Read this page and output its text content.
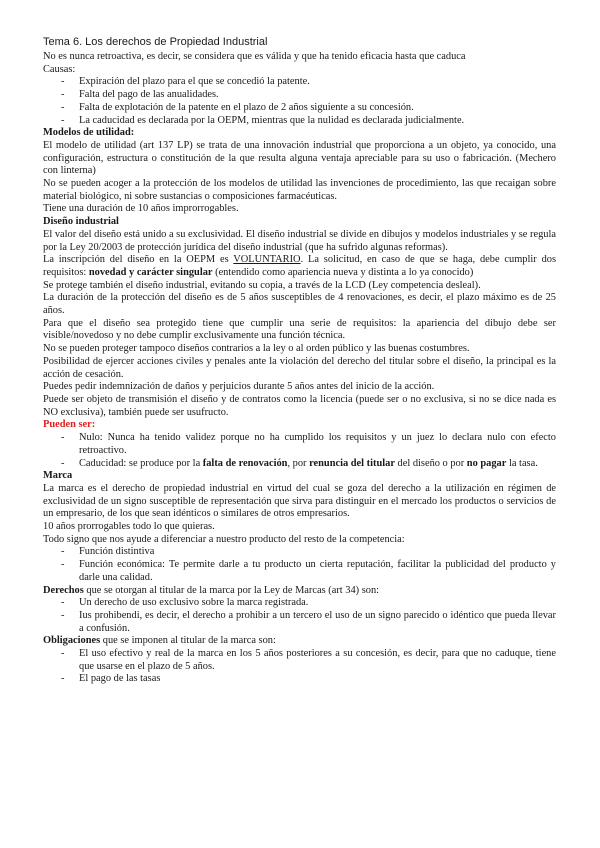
Tema 6. Los derechos de Propiedad Industrial

No es nunca retroactiva, es decir, se considera que es válida y que ha tenido eficacia hasta que caduca

Causas:

- Expiración del plazo para el que se concedió la patente.
- Falta del pago de las anualidades.
- Falta de explotación de la patente en el plazo de 2 años siguiente a su concesión.
- La caducidad es declarada por la OEPM, mientras que la nulidad es declarada judicialmente.

Modelos de utilidad:

El modelo de utilidad (art 137 LP) se trata de una innovación industrial que proporciona a un objeto, ya conocido, una configuración, estructura o constitución de la que resulta alguna ventaja apreciable para su uso o fabricación. (Mechero con linterna)

No se pueden acoger a la protección de los modelos de utilidad las invenciones de procedimiento, las que recaigan sobre material biológico, ni sobre sustancias o composiciones farmacéuticas.

Tiene una duración de 10 años improrrogables.

Diseño industrial

El valor del diseño está unido a su exclusividad. El diseño industrial se divide en dibujos y modelos industriales y se regula por la Ley 20/2003 de protección jurídica del diseño industrial (que ha sufrido algunas reformas).

La inscripción del diseño en la OEPM es VOLUNTARIO. La solicitud, en caso de que se haga, debe cumplir dos requisitos: novedad y carácter singular (entendido como apariencia nueva y distinta a lo ya conocido)

Se protege también el diseño industrial, evitando su copia, a través de la LCD (Ley competencia desleal).

La duración de la protección del diseño es de 5 años susceptibles de 4 renovaciones, es decir, el plazo máximo es de 25 años.

Para que el diseño sea protegido tiene que cumplir una serie de requisitos: la apariencia del dibujo debe ser visible/novedoso y no debe cumplir exclusivamente una función técnica.

No se pueden proteger tampoco diseños contrarios a la ley o al orden público y las buenas costumbres.

Posibilidad de ejercer acciones civiles y penales ante la violación del derecho del titular sobre el diseño, la principal es la acción de cesación.

Puedes pedir indemnización de daños y perjuicios durante 5 años antes del inicio de la acción.

Puede ser objeto de transmisión el diseño y de contratos como la licencia (puede ser o no exclusiva, si no se dice nada es NO exclusiva), también puede ser usufructo.

Pueden ser:

- Nulo: Nunca ha tenido validez porque no ha cumplido los requisitos y un juez lo declara nulo con efecto retroactivo.
- Caducidad: se produce por la falta de renovación, por renuncia del titular del diseño o por no pagar la tasa.

Marca

La marca es el derecho de propiedad industrial en virtud del cual se goza del derecho a la utilización en régimen de exclusividad de un signo susceptible de representación que sirva para distinguir en el mercado los productos o servicios de un empresario, de los que sean idénticos o similares de otros empresarios.

10 años prorrogables todo lo que quieras.

Todo signo que nos ayude a diferenciar a nuestro producto del resto de la competencia:

- Función distintiva
- Función económica: Te permite darle a tu producto un cierta reputación, facilitar la publicidad del producto y darle una calidad.

Derechos que se otorgan al titular de la marca por la Ley de Marcas (art 34) son:

- Un derecho de uso exclusivo sobre la marca registrada.
- Ius prohibendi, es decir, el derecho a prohibir a un tercero el uso de un signo parecido o idéntico que pueda llevar a confusión.

Obligaciones que se imponen al titular de la marca son:

- El uso efectivo y real de la marca en los 5 años posteriores a su concesión, es decir, para que no caduque, tiene que usarse en el plazo de 5 años.
- El pago de las tasas
